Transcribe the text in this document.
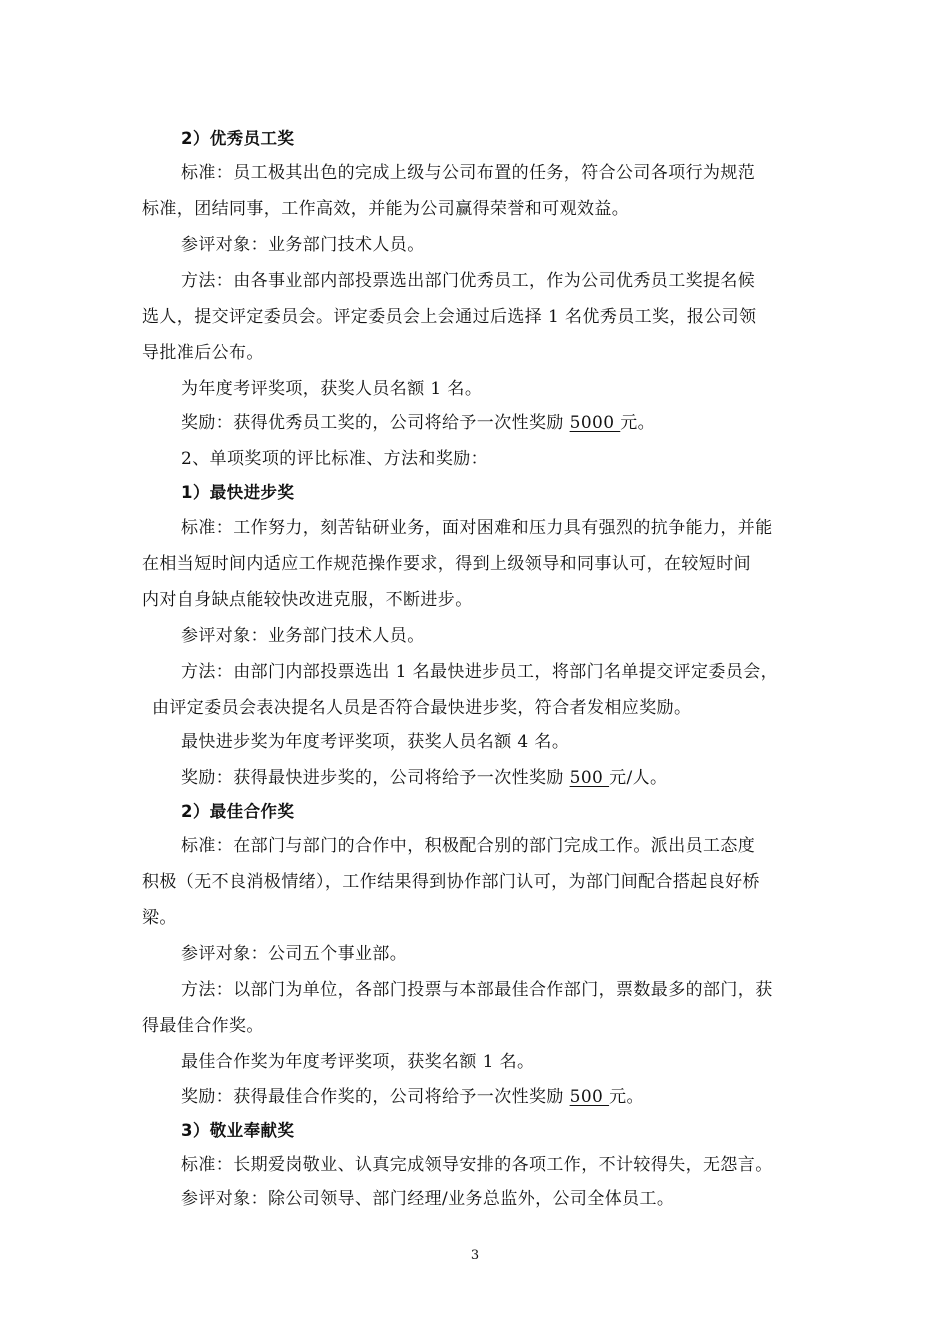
2）优秀员工奖
标准：员工极其出色的完成上级与公司布置的任务，符合公司各项行为规范
标准，团结同事，工作高效，并能为公司赢得荣誉和可观效益。
参评对象：业务部门技术人员。
方法：由各事业部内部投票选出部门优秀员工，作为公司优秀员工奖提名候
选人，提交评定委员会。评定委员会上会通过后选择 1 名优秀员工奖，报公司领
导批准后公布。
为年度考评奖项，获奖人员名额 1 名。
奖励：获得优秀员工奖的，公司将给予一次性奖励 5000 元。
2、单项奖项的评比标准、方法和奖励：
1）最快进步奖
标准：工作努力，刻苦钻研业务，面对困难和压力具有强烈的抗争能力，并能
在相当短时间内适应工作规范操作要求，得到上级领导和同事认可，在较短时间
内对自身缺点能较快改进克服，不断进步。
参评对象：业务部门技术人员。
方法：由部门内部投票选出 1 名最快进步员工，将部门名单提交评定委员会，
由评定委员会表决提名人员是否符合最快进步奖，符合者发相应奖励。
最快进步奖为年度考评奖项，获奖人员名额 4 名。
奖励：获得最快进步奖的，公司将给予一次性奖励 500 元/人。
2）最佳合作奖
标准：在部门与部门的合作中，积极配合别的部门完成工作。派出员工态度
积极（无不良消极情绪），工作结果得到协作部门认可，为部门间配合搭起良好桥
梁。
参评对象：公司五个事业部。
方法：以部门为单位，各部门投票与本部最佳合作部门，票数最多的部门，获
得最佳合作奖。
最佳合作奖为年度考评奖项，获奖名额 1 名。
奖励：获得最佳合作奖的，公司将给予一次性奖励 500 元。
3）敬业奉献奖
标准：长期爱岗敬业、认真完成领导安排的各项工作，不计较得失，无怨言。
参评对象：除公司领导、部门经理/业务总监外，公司全体员工。
3
